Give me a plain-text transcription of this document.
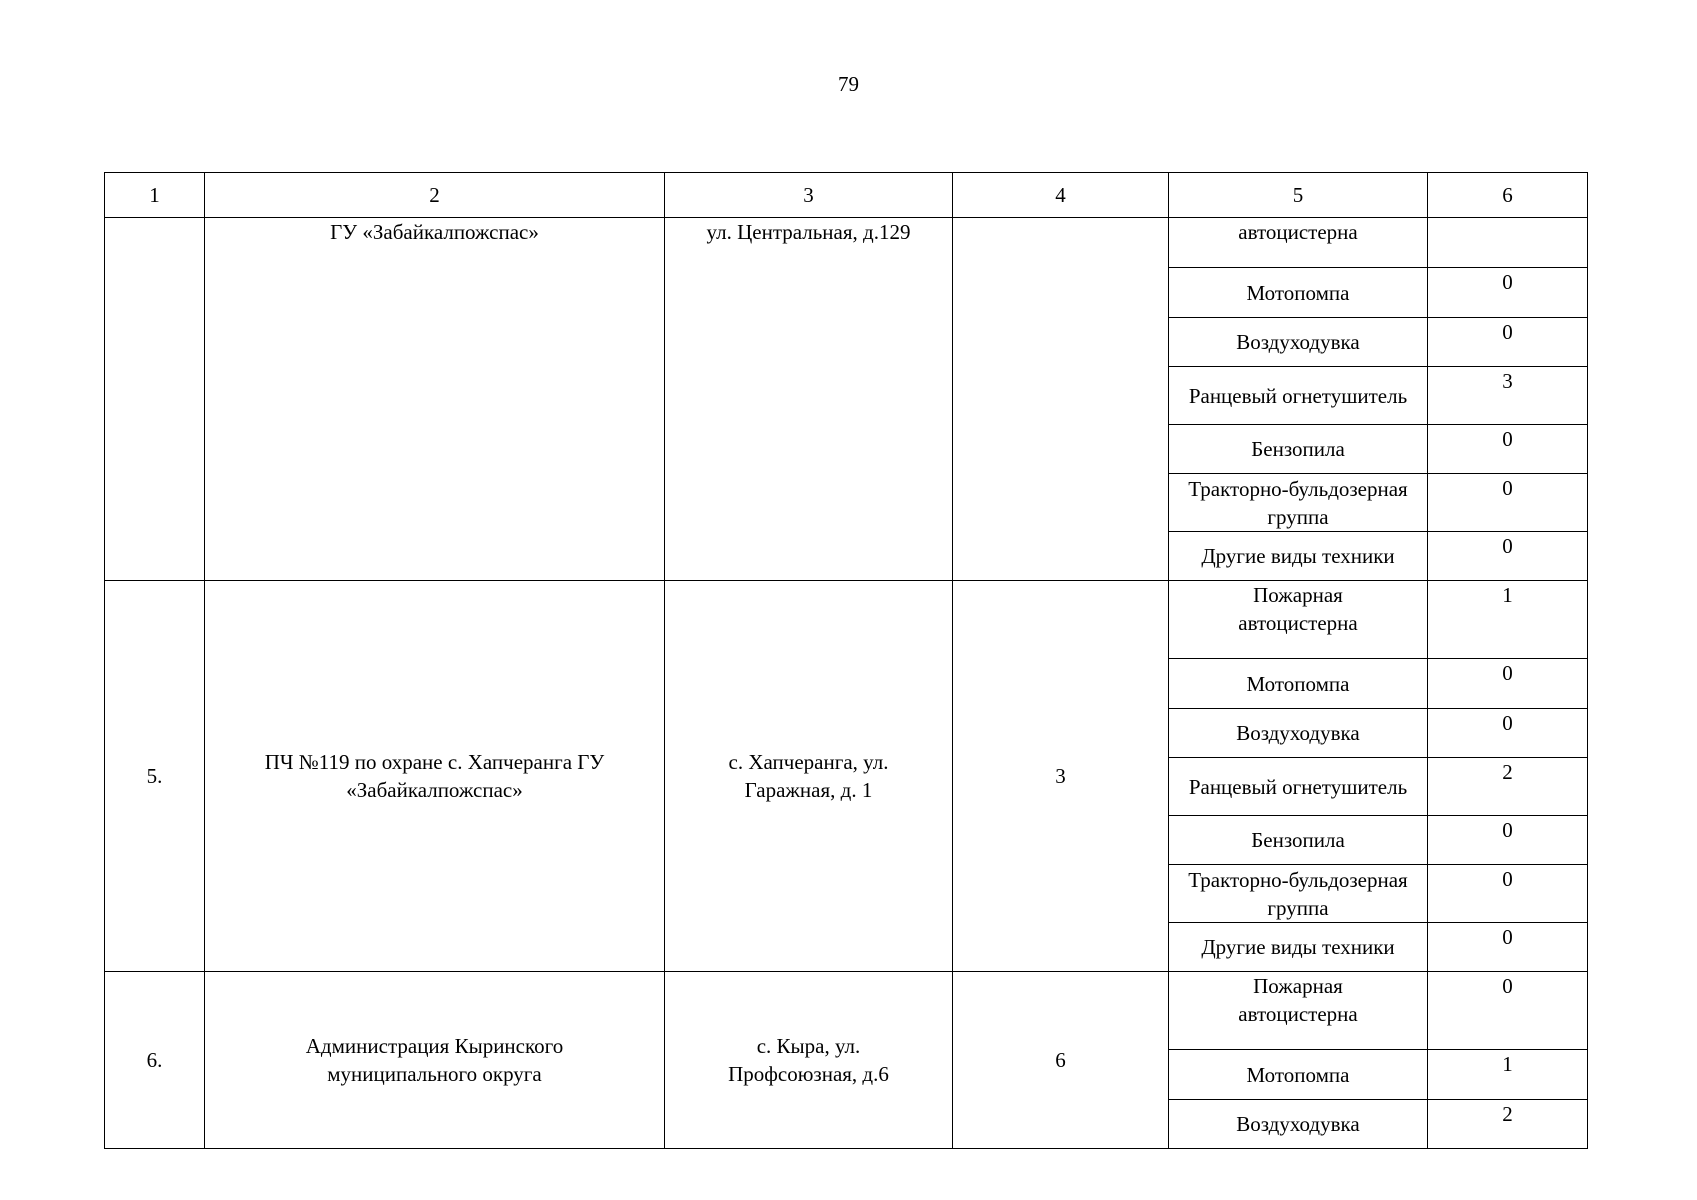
79
1	2	3	4	5	6
	ГУ «Забайкалпожспас»	ул. Центральная, д.129		автоцистерна	
				Мотопомпа	0
				Воздуходувка	0
				Ранцевый огнетушитель	3
				Бензопила	0
				Тракторно-бульдозерная группа	0
				Другие виды техники	0
5.	ПЧ №119 по охране с. Хапчеранга ГУ «Забайкалпожспас»	с. Хапчеранга, ул. Гаражная, д. 1	3	Пожарная автоцистерна	1
				Мотопомпа	0
				Воздуходувка	0
				Ранцевый огнетушитель	2
				Бензопила	0
				Тракторно-бульдозерная группа	0
				Другие виды техники	0
6.	Администрация Кыринского муниципального округа	с. Кыра, ул. Профсоюзная, д.6	6	Пожарная автоцистерна	0
				Мотопомпа	1
				Воздуходувка	2
